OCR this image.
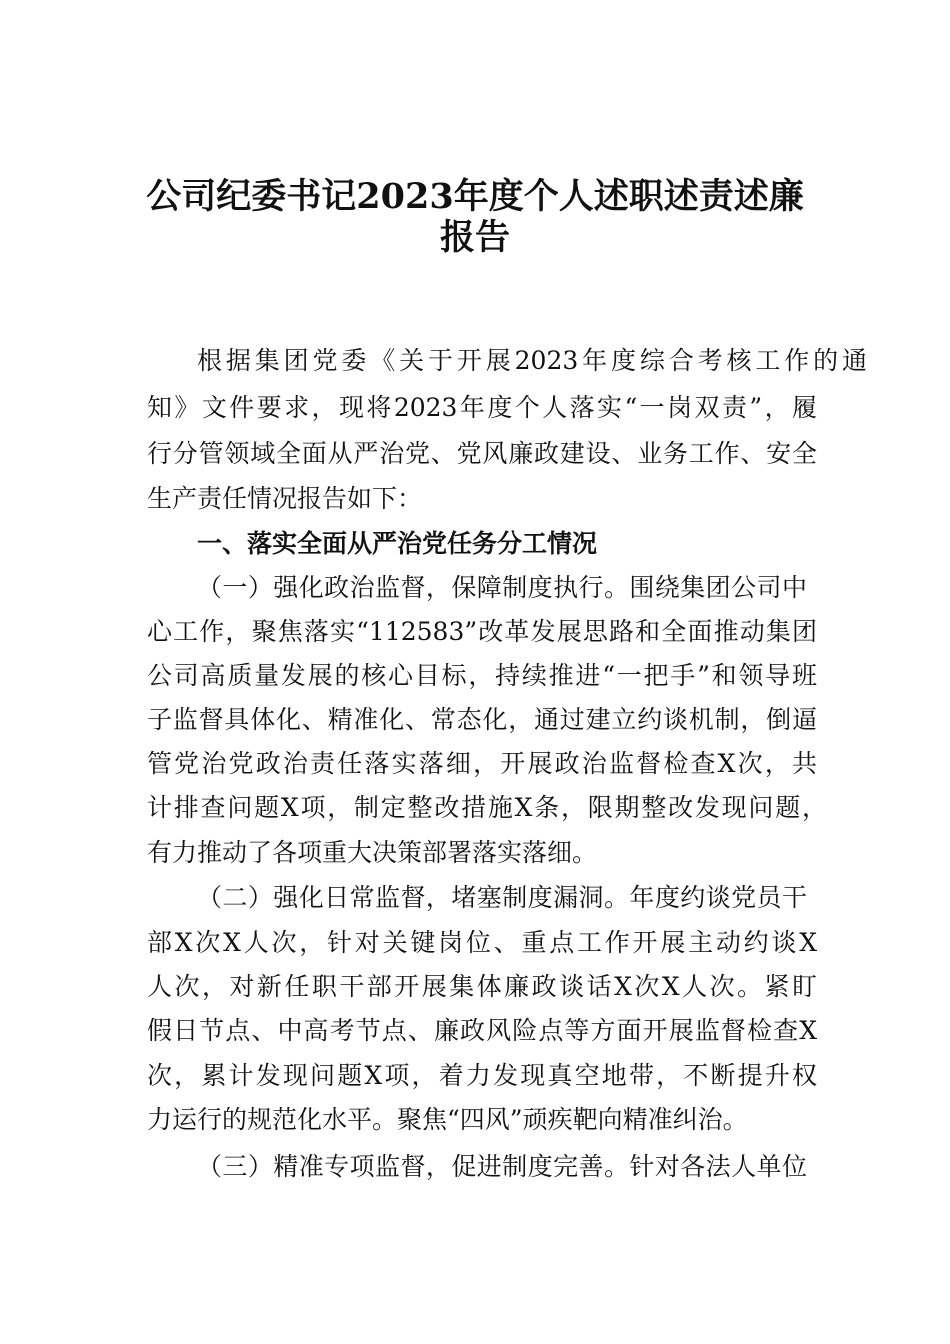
公司纪委书记2023年度个人述职述责述廉
报告
根据集团党委《关于开展2023年度综合考核工作的通
知》文件要求，现将2023年度个人落实“一岗双责”，履
行分管领域全面从严治党、党风廉政建设、业务工作、安全
生产责任情况报告如下：
一、落实全面从严治党任务分工情况
（一）强化政治监督，保障制度执行。围绕集团公司中
心工作，聚焦落实“112583”改革发展思路和全面推动集团
公司高质量发展的核心目标，持续推进“一把手”和领导班
子监督具体化、精准化、常态化，通过建立约谈机制，倒逼
管党治党政治责任落实落细，开展政治监督检查X次，共
计排查问题X项，制定整改措施X条，限期整改发现问题，
有力推动了各项重大决策部署落实落细。
（二）强化日常监督，堵塞制度漏洞。年度约谈党员干
部X次X人次，针对关键岗位、重点工作开展主动约谈X
人次，对新任职干部开展集体廉政谈话X次X人次。紧盯
假日节点、中高考节点、廉政风险点等方面开展监督检查X
次，累计发现问题X项，着力发现真空地带，不断提升权
力运行的规范化水平。聚焦“四风”顽疾靶向精准纠治。
（三）精准专项监督，促进制度完善。针对各法人单位
